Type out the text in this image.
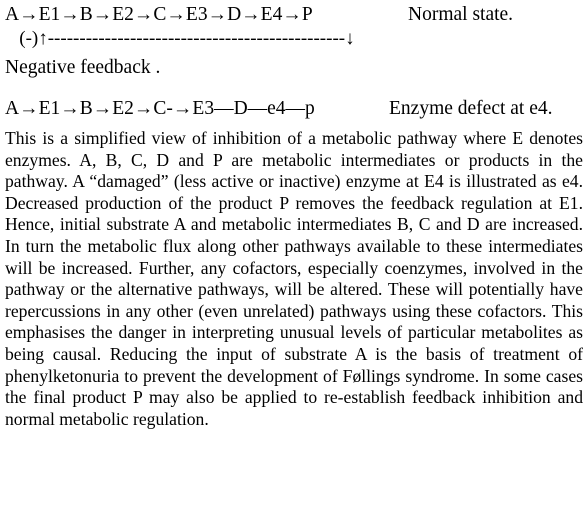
A→E1→B→E2→C→E3→D→E4→P	Normal state.
(-)↑-----------------------------------------------↓
Negative feedback .
A→E1→B→E2→C-→E3—D—e4—p	Enzyme defect at e4.

This is a simplified view of inhibition of a metabolic pathway where E denotes enzymes. A, B, C, D and P are metabolic intermediates or products in the pathway. A “damaged” (less active or inactive) enzyme at E4 is illustrated as e4. Decreased production of the product P removes the feedback regulation at E1. Hence, initial substrate A and metabolic intermediates B, C and D are increased. In turn the metabolic flux along other pathways available to these intermediates will be increased. Further, any cofactors, especially coenzymes, involved in the pathway or the alternative pathways, will be altered. These will potentially have repercussions in any other (even unrelated) pathways using these cofactors. This emphasises the danger in interpreting unusual levels of particular metabolites as being causal. Reducing the input of substrate A is the basis of treatment of phenylketonuria to prevent the development of Føllings syndrome. In some cases the final product P may also be applied to re-establish feedback inhibition and normal metabolic regulation.
